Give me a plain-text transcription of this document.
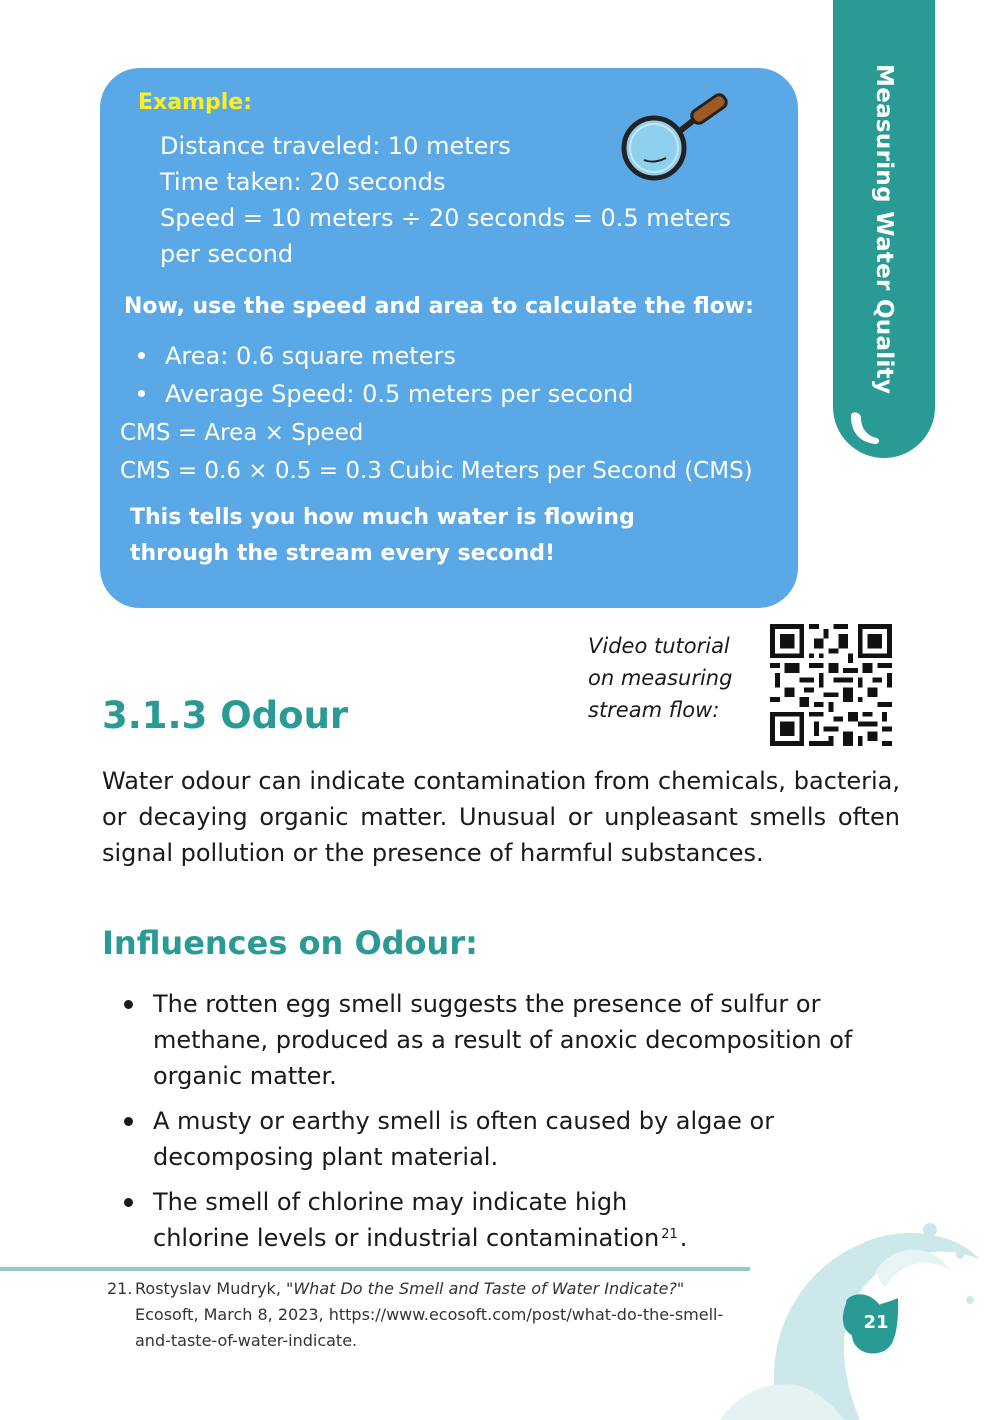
Measuring Water Quality
Example:
Distance traveled: 10 meters
Time taken: 20 seconds
Speed = 10 meters ÷ 20 seconds = 0.5 meters
per second
Now, use the speed and area to calculate the flow:
Area: 0.6 square meters
Average Speed: 0.5 meters per second
CMS = Area × Speed
CMS = 0.6 × 0.5 = 0.3 Cubic Meters per Second (CMS)
This tells you how much water is flowing
through the stream every second!
Video tutorial
on measuring
stream flow:
3.1.3 Odour

Water odour can indicate contamination from chemicals, bacteria, or decaying organic matter. Unusual or unpleasant smells often signal pollution or the presence of harmful substances.

Influences on Odour:
The rotten egg smell suggests the presence of sulfur or methane, produced as a result of anoxic decomposition of organic matter.
A musty or earthy smell is often caused by algae or decomposing plant material.
The smell of chlorine may indicate high
chlorine levels or industrial contamination $^{21}$.
21. Rostyslav Mudryk, "What Do the Smell and Taste of Water Indicate?" Ecosoft, March 8, 2023, https://www.ecosoft.com/post/what-do-the-smell-and-taste-of-water-indicate.
21
